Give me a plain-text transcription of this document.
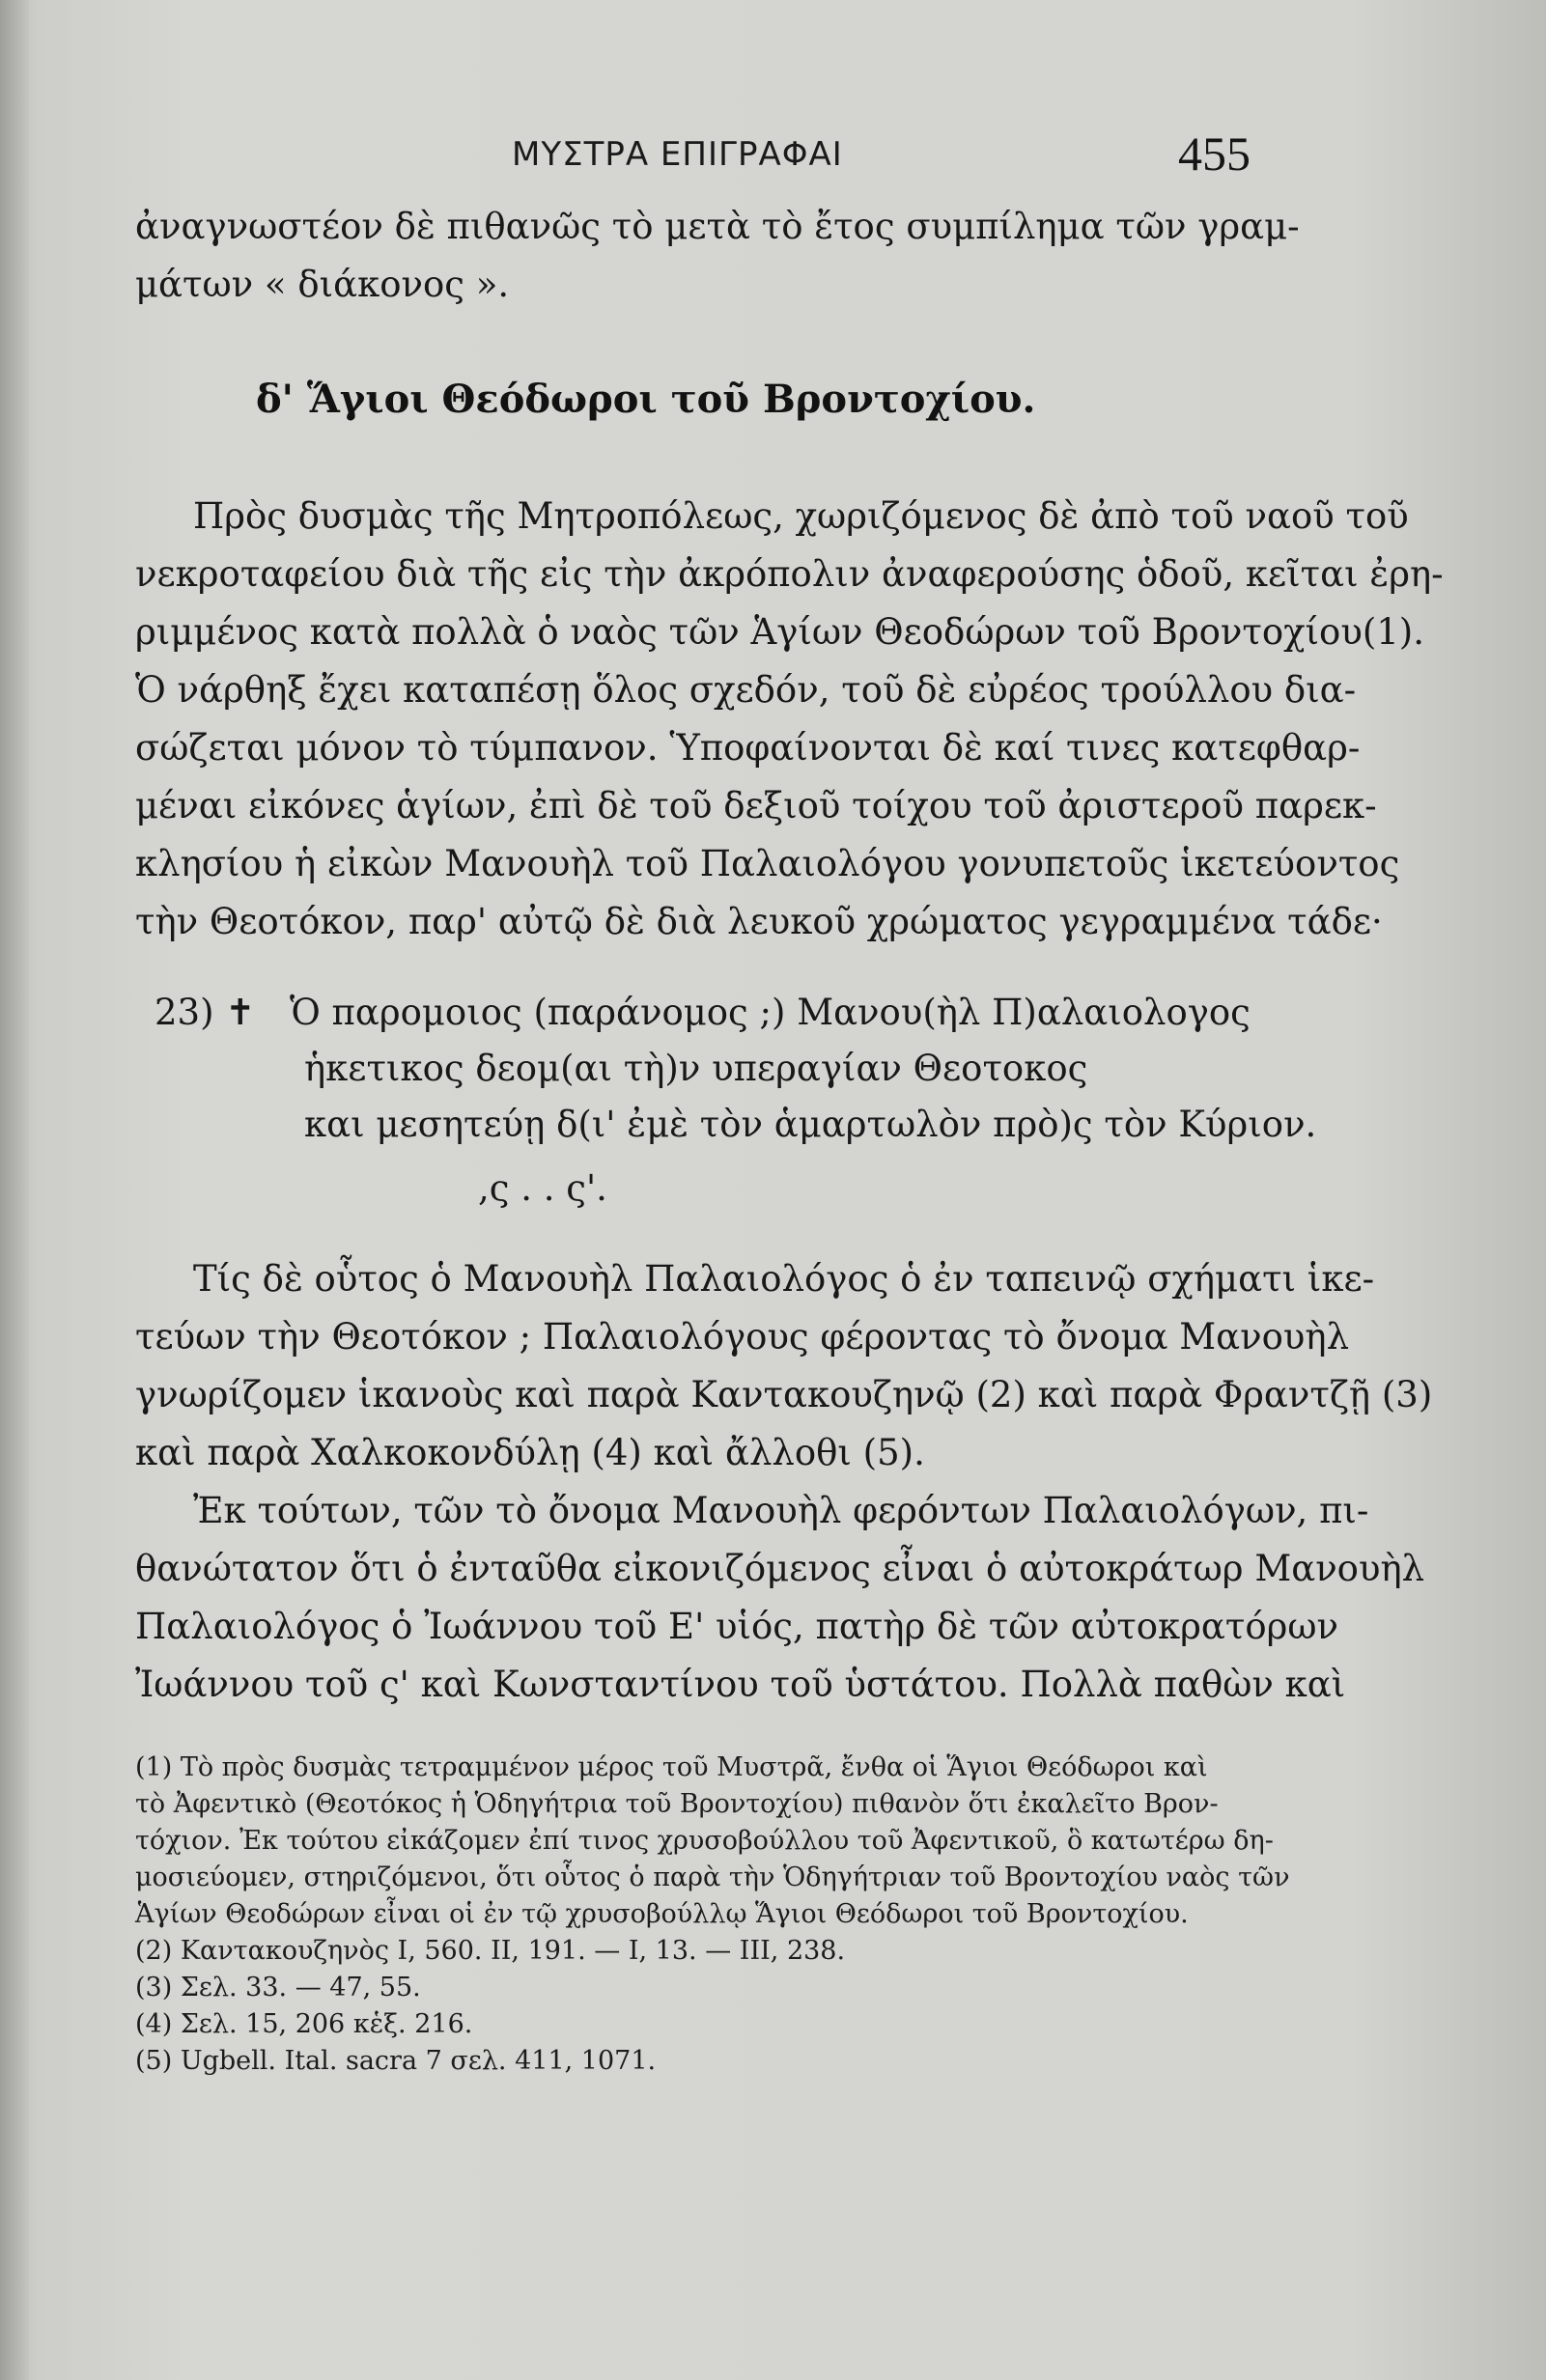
ΜΥΣΤΡΑ ΕΠΙΓΡΑΦΑΙ	455
ἀναγνωστέον δὲ πιθανῶς τὸ μετὰ τὸ ἔτος συμπίλημα τῶν γραμ-
μάτων « διάκονος ».
δ' Ἅγιοι Θεόδωροι τοῦ Βροντοχίου.
Πρὸς δυσμὰς τῆς Μητροπόλεως, χωριζόμενος δὲ ἀπὸ τοῦ ναοῦ τοῦ
νεκροταφείου διὰ τῆς εἰς τὴν ἀκρόπολιν ἀναφερούσης ὁδοῦ, κεῖται ἐρη-
ριμμένος κατὰ πολλὰ ὁ ναὸς τῶν Ἁγίων Θεοδώρων τοῦ Βροντοχίου(1).
Ὁ νάρθηξ ἔχει καταπέσῃ ὅλος σχεδόν, τοῦ δὲ εὐρέος τρούλλου δια-
σώζεται μόνον τὸ τύμπανον. Ὑποφαίνονται δὲ καί τινες κατεφθαρ-
μέναι εἰκόνες ἁγίων, ἐπὶ δὲ τοῦ δεξιοῦ τοίχου τοῦ ἀριστεροῦ παρεκ-
κλησίου ἡ εἰκὼν Μανουὴλ τοῦ Παλαιολόγου γονυπετοῦς ἱκετεύοντος
τὴν Θεοτόκον, παρ' αὐτῷ δὲ διὰ λευκοῦ χρώματος γεγραμμένα τάδε·
23) ✝ Ὁ παρομοιος (παράνομος ;) Μανου(ὴλ Π)αλαιολογος
ἡκετικος δεομ(αι τὴ)ν υπεραγίαν Θεοτοκος
και μεσητεύῃ δ(ι' ἐμὲ τὸν ἁμαρτωλὸν πρὸ)ς τὸν Κύριον.
,ς . . ς'.
Τίς δὲ οὗτος ὁ Μανουὴλ Παλαιολόγος ὁ ἐν ταπεινῷ σχήματι ἱκε-
τεύων τὴν Θεοτόκον ; Παλαιολόγους φέροντας τὸ ὄνομα Μανουὴλ
γνωρίζομεν ἱκανοὺς καὶ παρὰ Καντακουζηνῷ (2) καὶ παρὰ Φραντζῇ (3)
καὶ παρὰ Χαλκοκονδύλῃ (4) καὶ ἄλλοθι (5).
Ἐκ τούτων, τῶν τὸ ὄνομα Μανουὴλ φερόντων Παλαιολόγων, πι-
θανώτατον ὅτι ὁ ἐνταῦθα εἰκονιζόμενος εἶναι ὁ αὐτοκράτωρ Μανουὴλ
Παλαιολόγος ὁ Ἰωάννου τοῦ Ε' υἱός, πατὴρ δὲ τῶν αὐτοκρατόρων
Ἰωάννου τοῦ ς' καὶ Κωνσταντίνου τοῦ ὑστάτου. Πολλὰ παθὼν καὶ
(1) Τὸ πρὸς δυσμὰς τετραμμένον μέρος τοῦ Μυστρᾶ, ἔνθα οἱ Ἅγιοι Θεόδωροι καὶ
τὸ Ἀφεντικὸ (Θεοτόκος ἡ Ὁδηγήτρια τοῦ Βροντοχίου) πιθανὸν ὅτι ἐκαλεῖτο Βρον-
τόχιον. Ἐκ τούτου εἰκάζομεν ἐπί τινος χρυσοβούλλου τοῦ Ἀφεντικοῦ, ὃ κατωτέρω δη-
μοσιεύομεν, στηριζόμενοι, ὅτι οὗτος ὁ παρὰ τὴν Ὁδηγήτριαν τοῦ Βροντοχίου ναὸς τῶν
Ἁγίων Θεοδώρων εἶναι οἱ ἐν τῷ χρυσοβούλλῳ Ἅγιοι Θεόδωροι τοῦ Βροντοχίου.
(2) Καντακουζηνὸς I, 560. II, 191. — I, 13. — III, 238.
(3) Σελ. 33. — 47, 55.
(4) Σελ. 15, 206 κἑξ. 216.
(5) Ugbell. Ital. sacra 7 σελ. 411, 1071.
